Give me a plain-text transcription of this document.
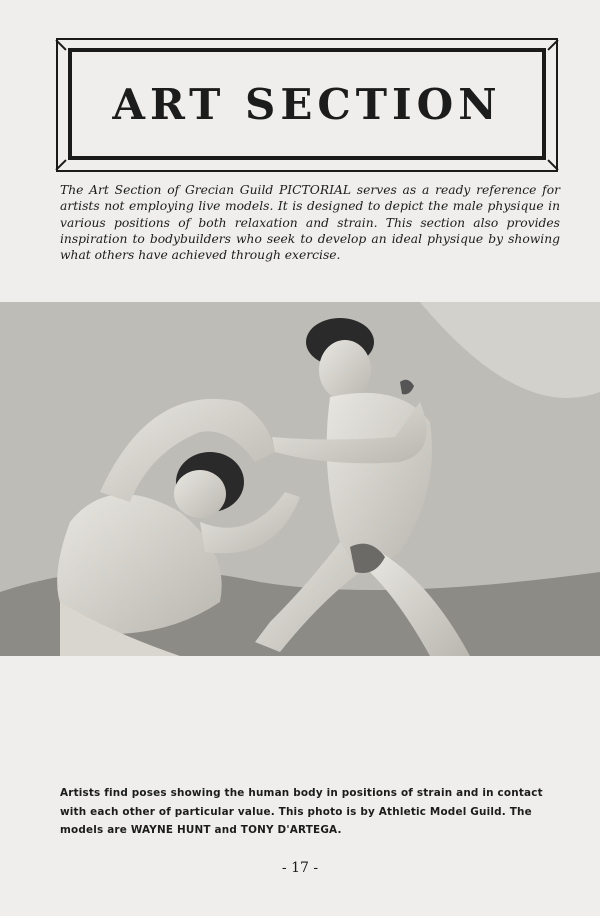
ART SECTION

The Art Section of Grecian Guild PICTORIAL serves as a ready reference for artists not employing live models. It is designed to depict the male physique in various positions of both relaxation and strain. This section also provides inspiration to bodybuilders who seek to develop an ideal physique by showing what others have achieved through exercise.

Artists find poses showing the human body in positions of strain and in contact with each other of particular value. This photo is by Athletic Model Guild. The models are WAYNE HUNT and TONY D'ARTEGA.

- 17 -
